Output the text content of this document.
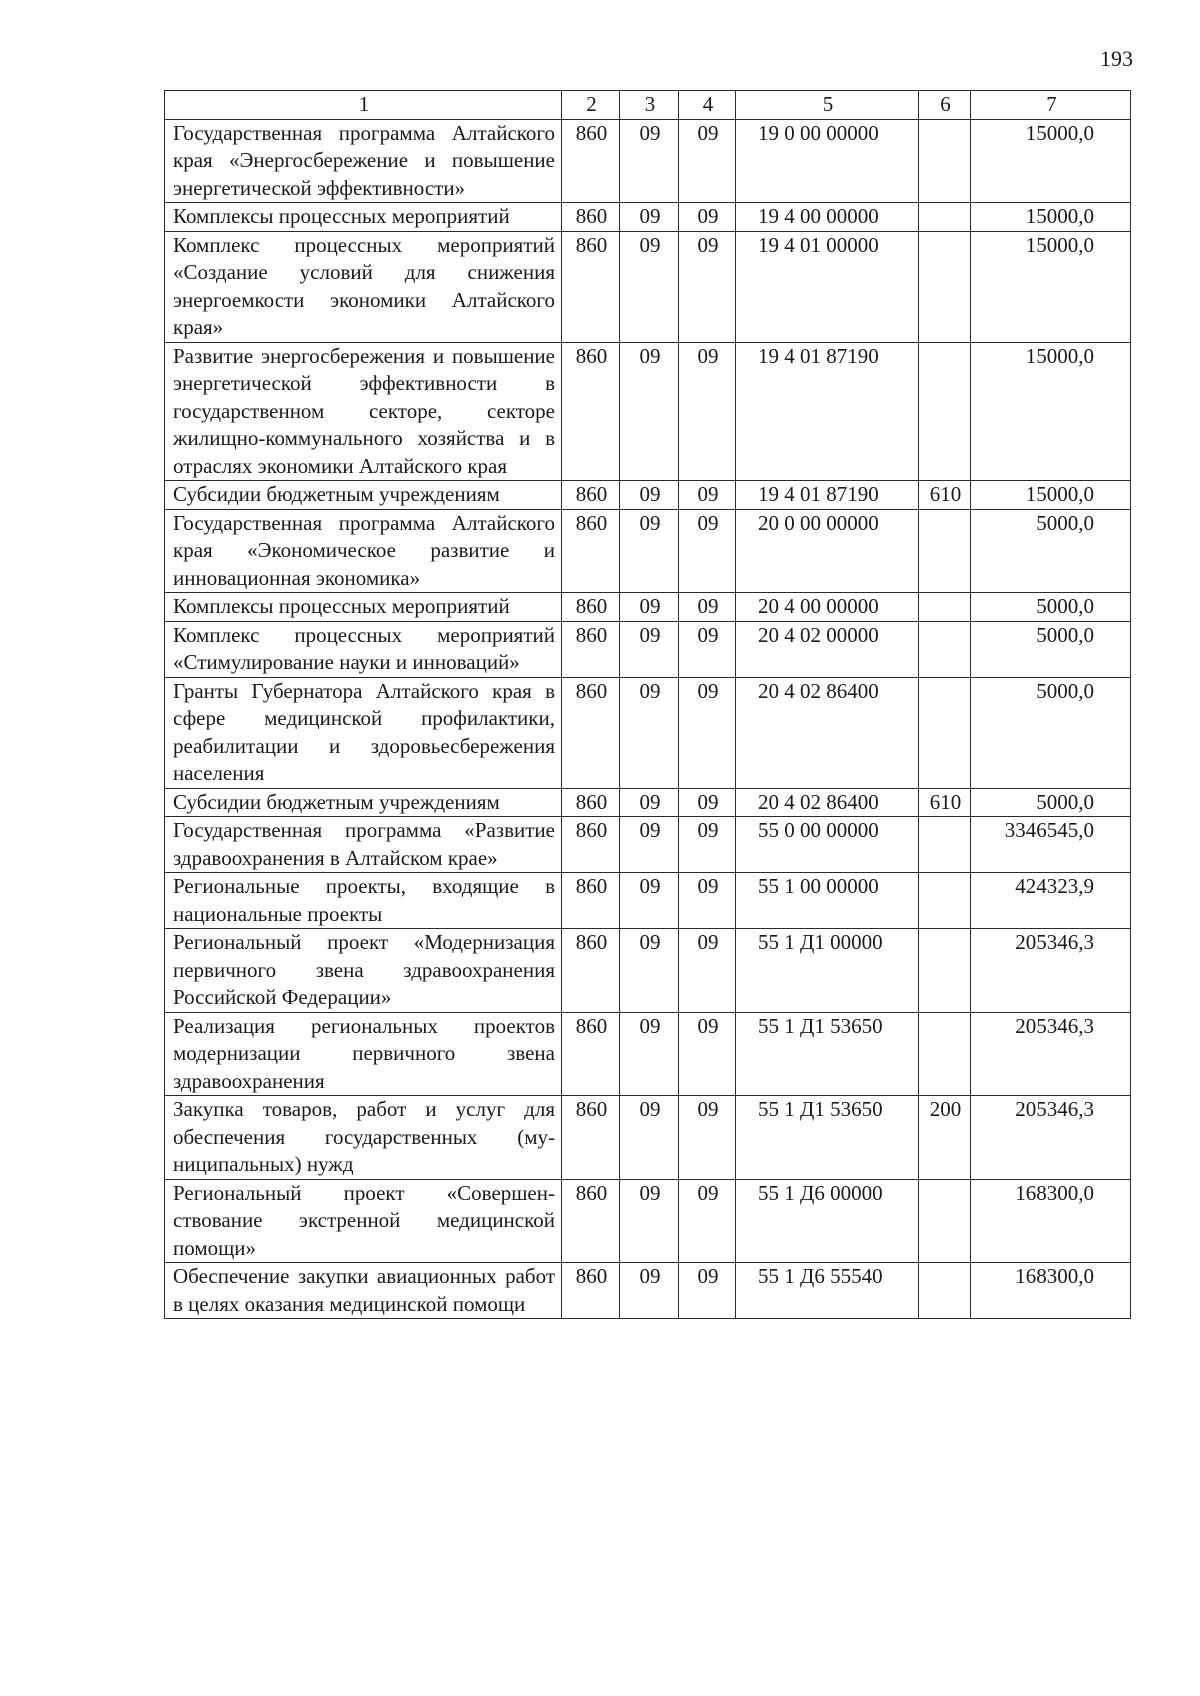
193
1	2	3	4	5	6	7
Государственная программа Алтайского края «Энергосбережение и повышение энергетической эффективности»	860	09	09	19 0 00 00000		15000,0
Комплексы процессных мероприятий	860	09	09	19 4 00 00000		15000,0
Комплекс процессных мероприятий «Создание условий для снижения энергоемкости экономики Алтайского края»	860	09	09	19 4 01 00000		15000,0
Развитие энергосбережения и повышение энергетической эффективности в государственном секторе, секторе жилищно-коммунального хозяйства и в отраслях экономики Алтайского края	860	09	09	19 4 01 87190		15000,0
Субсидии бюджетным учреждениям	860	09	09	19 4 01 87190	610	15000,0
Государственная программа Алтайского края «Экономическое развитие и инновационная экономика»	860	09	09	20 0 00 00000		5000,0
Комплексы процессных мероприятий	860	09	09	20 4 00 00000		5000,0
Комплекс процессных мероприятий «Стимулирование науки и инноваций»	860	09	09	20 4 02 00000		5000,0
Гранты Губернатора Алтайского края в сфере медицинской профилактики, реабилитации и здоровьесбережения населения	860	09	09	20 4 02 86400		5000,0
Субсидии бюджетным учреждениям	860	09	09	20 4 02 86400	610	5000,0
Государственная программа «Развитие здравоохранения в Алтайском крае»	860	09	09	55 0 00 00000		3346545,0
Региональные проекты, входящие в национальные проекты	860	09	09	55 1 00 00000		424323,9
Региональный проект «Модернизация первичного звена здравоохранения Российской Федерации»	860	09	09	55 1 Д1 00000		205346,3
Реализация региональных проектов модернизации первичного звена здравоохранения	860	09	09	55 1 Д1 53650		205346,3
Закупка товаров, работ и услуг для обеспечения государственных (муниципальных) нужд	860	09	09	55 1 Д1 53650	200	205346,3
Региональный проект «Совершенствование экстренной медицинской помощи»	860	09	09	55 1 Д6 00000		168300,0
Обеспечение закупки авиационных работ в целях оказания медицинской помощи	860	09	09	55 1 Д6 55540		168300,0
